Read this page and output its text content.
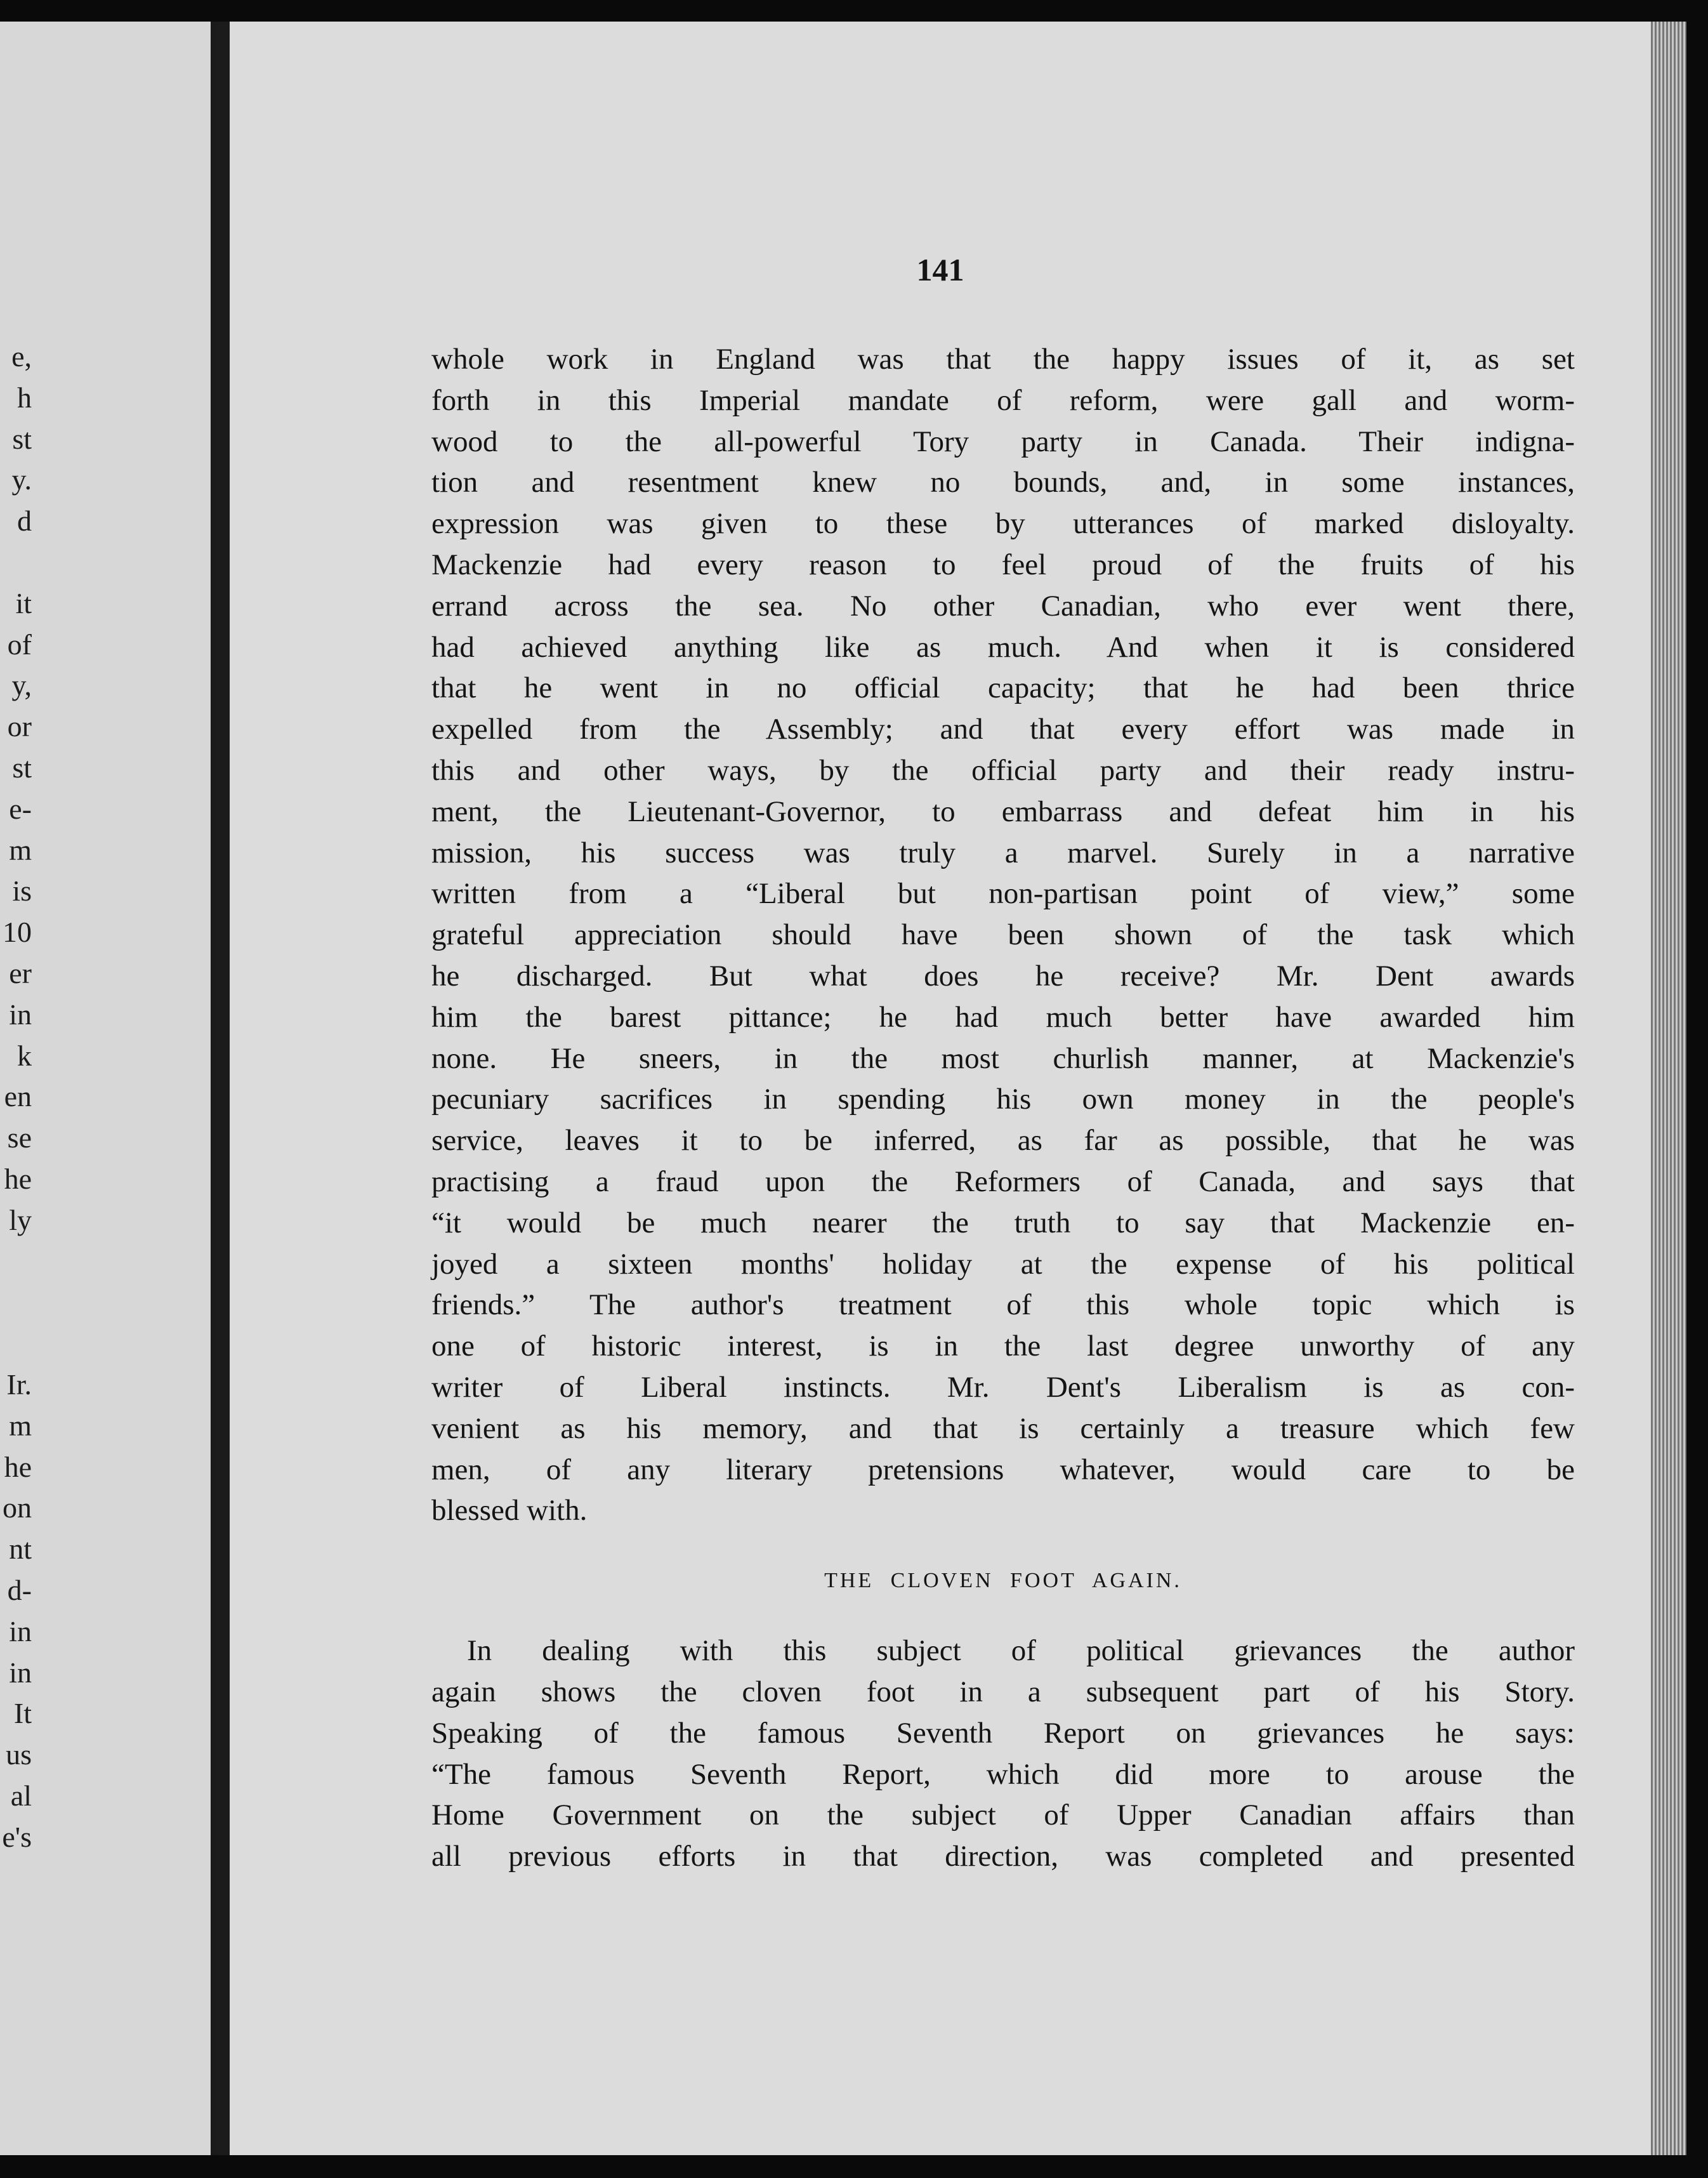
e,
h
st
y.
d
it
of
y,
or
st
e-
m
is
10
er
in
k
en
se
he
ly
Ir.
m
he
on
nt
d-
in
in
It
us
al
e's
141
whole work in England was that the happy issues of it, as set
forth in this Imperial mandate of reform, were gall and worm-
wood to the all-powerful Tory party in Canada. Their indigna-
tion and resentment knew no bounds, and, in some instances,
expression was given to these by utterances of marked disloyalty.
Mackenzie had every reason to feel proud of the fruits of his
errand across the sea. No other Canadian, who ever went there,
had achieved anything like as much. And when it is considered
that he went in no official capacity; that he had been thrice
expelled from the Assembly; and that every effort was made in
this and other ways, by the official party and their ready instru-
ment, the Lieutenant-Governor, to embarrass and defeat him in his
mission, his success was truly a marvel. Surely in a narrative
written from a “Liberal but non-partisan point of view,” some
grateful appreciation should have been shown of the task which
he discharged. But what does he receive? Mr. Dent awards
him the barest pittance; he had much better have awarded him
none. He sneers, in the most churlish manner, at Mackenzie's
pecuniary sacrifices in spending his own money in the people's
service, leaves it to be inferred, as far as possible, that he was
practising a fraud upon the Reformers of Canada, and says that
“it would be much nearer the truth to say that Mackenzie en-
joyed a sixteen months' holiday at the expense of his political
friends.” The author's treatment of this whole topic which is
one of historic interest, is in the last degree unworthy of any
writer of Liberal instincts. Mr. Dent's Liberalism is as con-
venient as his memory, and that is certainly a treasure which few
men, of any literary pretensions whatever, would care to be
blessed with.
THE CLOVEN FOOT AGAIN.
In dealing with this subject of political grievances the author
again shows the cloven foot in a subsequent part of his Story.
Speaking of the famous Seventh Report on grievances he says:
“The famous Seventh Report, which did more to arouse the
Home Government on the subject of Upper Canadian affairs than
all previous efforts in that direction, was completed and presented
